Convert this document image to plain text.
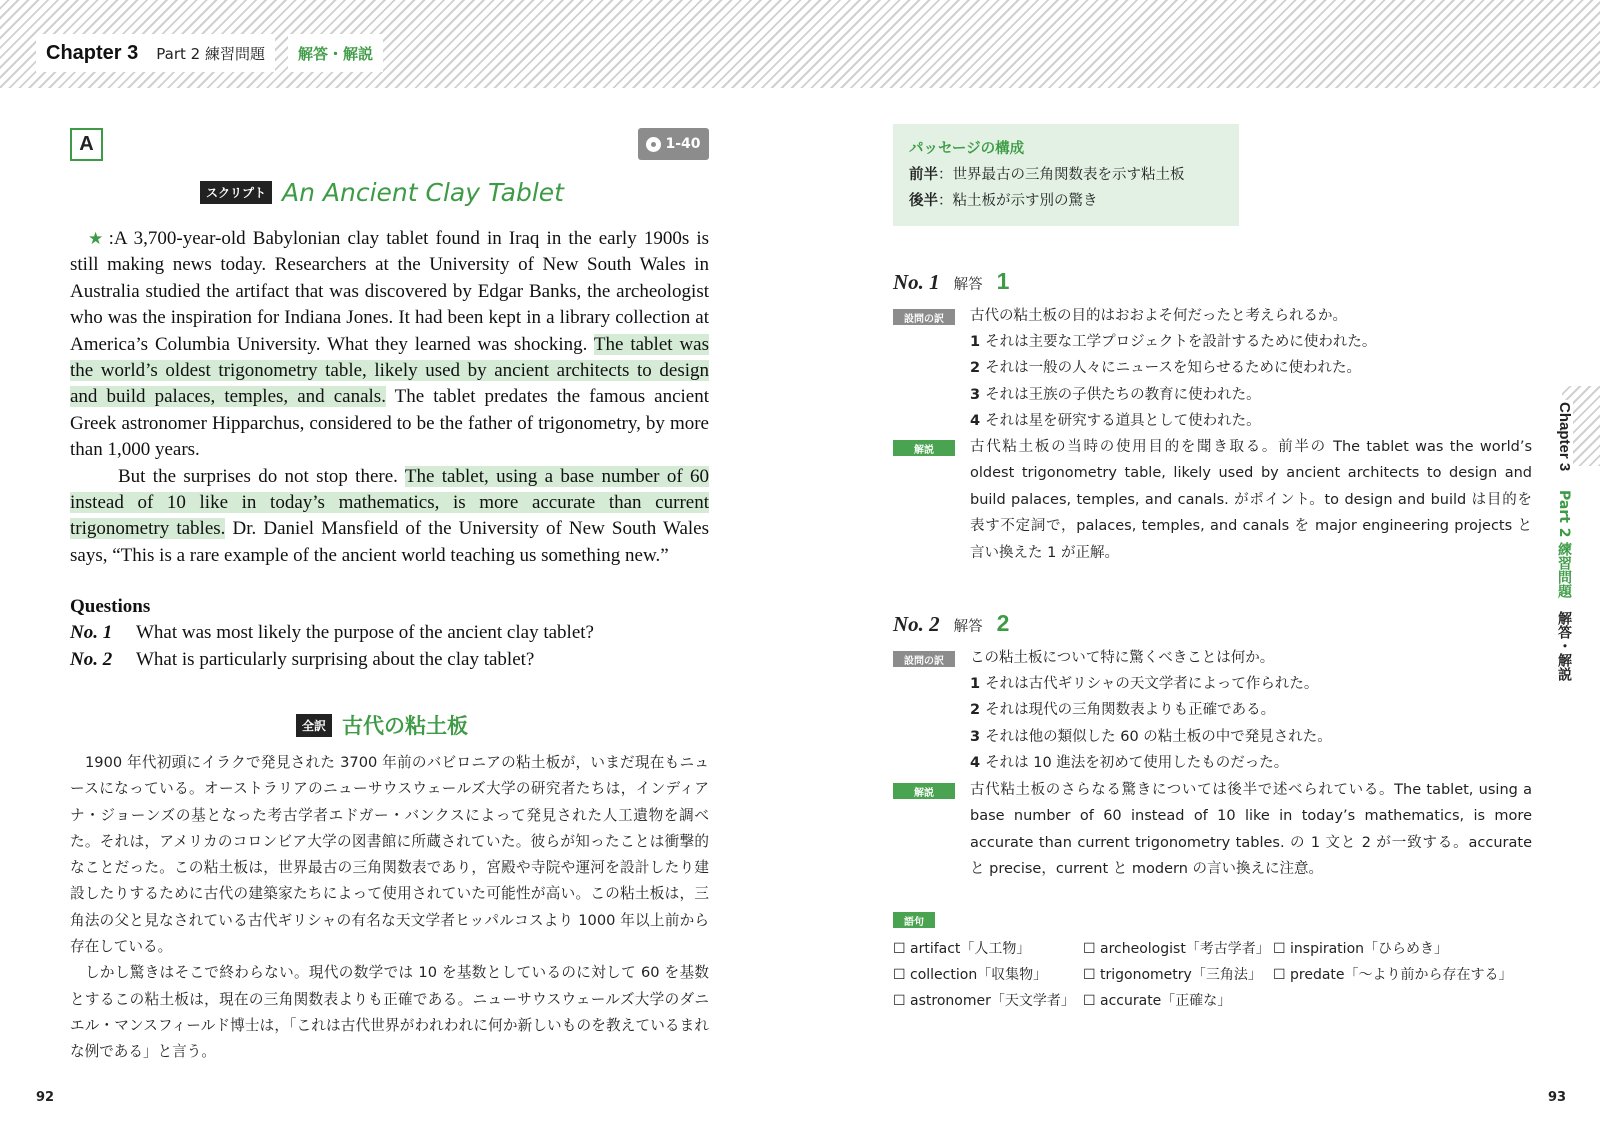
Chapter 3 Part 2 練習問題	解答・解説
A	1-40
スクリプト An Ancient Clay Tablet

★ :A 3,700-year-old Babylonian clay tablet found in Iraq in the early 1900s is still making news today. Researchers at the University of New South Wales in Australia studied the artifact that was discovered by Edgar Banks, the archeologist who was the inspiration for Indiana Jones. It had been kept in a library collection at America’s Columbia University. What they learned was shocking. The tablet was the world’s oldest trigonometry table, likely used by ancient architects to design and build palaces, temples, and canals. The tablet predates the famous ancient Greek astronomer Hipparchus, considered to be the father of trigonometry, by more than 1,000 years.

But the surprises do not stop there. The tablet, using a base number of 60 instead of 10 like in today’s mathematics, is more accurate than current trigonometry tables. Dr. Daniel Mansfield of the University of New South Wales says, “This is a rare example of the ancient world teaching us something new.”

Questions
No. 1	What was most likely the purpose of the ancient clay tablet?
No. 2	What is particularly surprising about the clay tablet?
全訳 古代の粘土板

1900 年代初頭にイラクで発見された 3700 年前のバビロニアの粘土板が，いまだ現在もニュースになっている。オーストラリアのニューサウスウェールズ大学の研究者たちは，インディアナ・ジョーンズの基となった考古学者エドガー・バンクスによって発見された人工遺物を調べた。それは，アメリカのコロンビア大学の図書館に所蔵されていた。彼らが知ったことは衝撃的なことだった。この粘土板は，世界最古の三角関数表であり，宮殿や寺院や運河を設計したり建設したりするために古代の建築家たちによって使用されていた可能性が高い。この粘土板は，三角法の父と見なされている古代ギリシャの有名な天文学者ヒッパルコスより 1000 年以上前から存在している。

しかし驚きはそこで終わらない。現代の数学では 10 を基数としているのに対して 60 を基数とするこの粘土板は，現在の三角関数表よりも正確である。ニューサウスウェールズ大学のダニエル・マンスフィールド博士は，「これは古代世界がわれわれに何か新しいものを教えているまれな例である」と言う。

92
パッセージの構成
前半：世界最古の三角関数表を示す粘土板
後半：粘土板が示す別の驚き
No. 1 解答 1
設問の訳	古代の粘土板の目的はおおよそ何だったと考えられるか。
1 それは主要な工学プロジェクトを設計するために使われた。
2 それは一般の人々にニュースを知らせるために使われた。
3 それは王族の子供たちの教育に使われた。
4 それは星を研究する道具として使われた。
解説	古代粘土板の当時の使用目的を聞き取る。前半の The tablet was the world’s oldest trigonometry table, likely used by ancient architects to design and build palaces, temples, and canals. がポイント。to design and build は目的を表す不定詞で，palaces, temples, and canals を major engineering projects と言い換えた 1 が正解。
No. 2 解答 2
設問の訳	この粘土板について特に驚くべきことは何か。
1 それは古代ギリシャの天文学者によって作られた。
2 それは現代の三角関数表よりも正確である。
3 それは他の類似した 60 の粘土板の中で発見された。
4 それは 10 進法を初めて使用したものだった。
解説	古代粘土板のさらなる驚きについては後半で述べられている。The tablet, using a base number of 60 instead of 10 like in today’s mathematics, is more accurate than current trigonometry tables. の 1 文と 2 が一致する。accurate と precise，current と modern の言い換えに注意。
語句
☐ artifact「人工物」	☐ archeologist「考古学者」	☐ inspiration「ひらめき」
☐ collection「収集物」	☐ trigonometry「三角法」	☐ predate「〜より前から存在する」
☐ astronomer「天文学者」	☐ accurate「正確な」
Chapter 3 Part 2 練習問題 解答・解説
93
